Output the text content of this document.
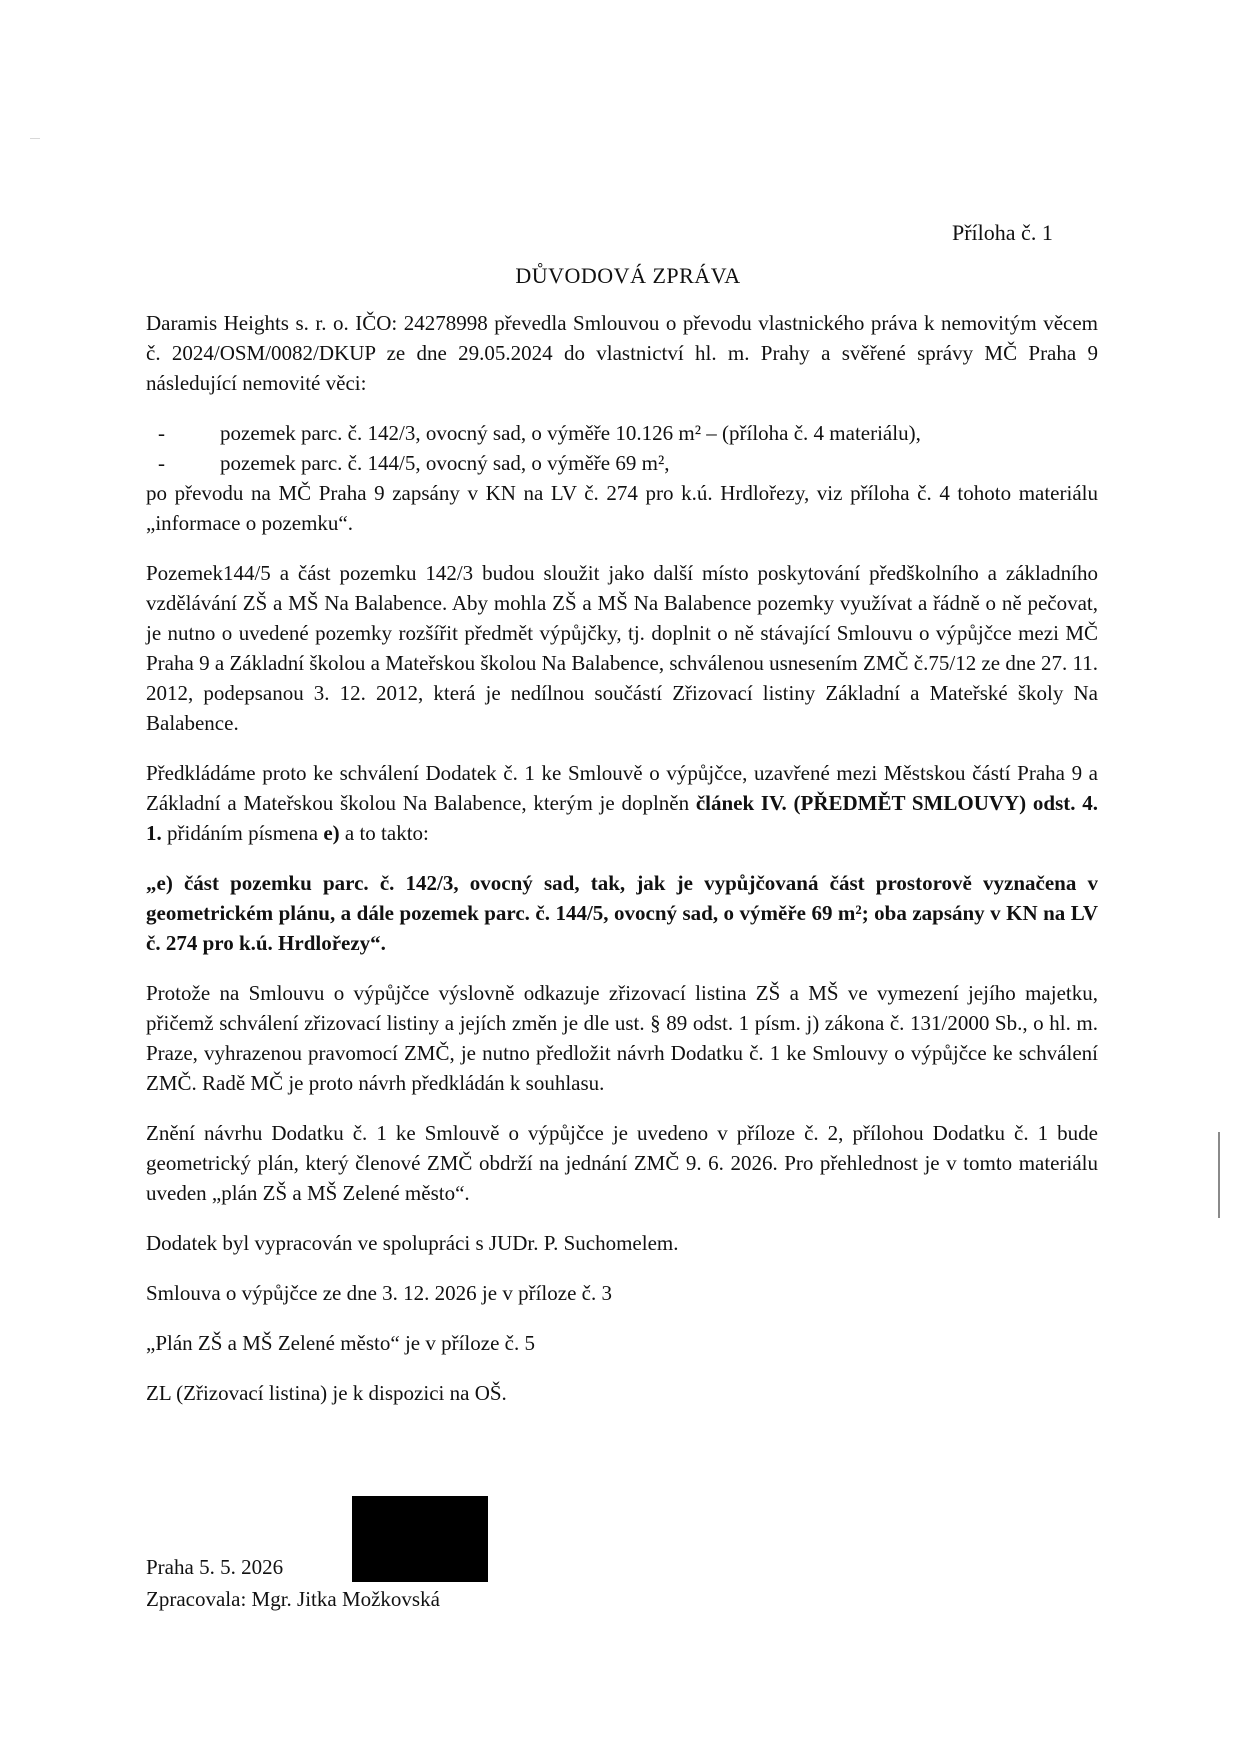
Příloha č. 1
DŮVODOVÁ ZPRÁVA

Daramis Heights s. r. o. IČO: 24278998 převedla Smlouvou o převodu vlastnického práva k nemovitým věcem č. 2024/OSM/0082/DKUP ze dne 29.05.2024 do vlastnictví hl. m. Prahy a svěřené správy MČ Praha 9 následující nemovité věci:

-	pozemek parc. č. 142/3, ovocný sad, o výměře 10.126 m² – (příloha č. 4 materiálu),
-	pozemek parc. č. 144/5, ovocný sad, o výměře 69 m²,

po převodu na MČ Praha 9 zapsány v KN na LV č. 274 pro k.ú. Hrdlořezy, viz příloha č. 4 tohoto materiálu „informace o pozemku“.

Pozemek144/5 a část pozemku 142/3 budou sloužit jako další místo poskytování předškolního a základního vzdělávání ZŠ a MŠ Na Balabence. Aby mohla ZŠ a MŠ Na Balabence pozemky využívat a řádně o ně pečovat, je nutno o uvedené pozemky rozšířit předmět výpůjčky, tj. doplnit o ně stávající Smlouvu o výpůjčce mezi MČ Praha 9 a Základní školou a Mateřskou školou Na Balabence, schválenou usnesením ZMČ č.75/12 ze dne 27. 11. 2012, podepsanou 3. 12. 2012, která je nedílnou součástí Zřizovací listiny Základní a Mateřské školy Na Balabence.

Předkládáme proto ke schválení Dodatek č. 1 ke Smlouvě o výpůjčce, uzavřené mezi Městskou částí Praha 9 a Základní a Mateřskou školou Na Balabence, kterým je doplněn článek IV. (PŘEDMĚT SMLOUVY) odst. 4. 1. přidáním písmena e) a to takto:

„e) část pozemku parc. č. 142/3, ovocný sad, tak, jak je vypůjčovaná část prostorově vyznačena v geometrickém plánu, a dále pozemek parc. č. 144/5, ovocný sad, o výměře 69 m²; oba zapsány v KN na LV č. 274 pro k.ú. Hrdlořezy“.

Protože na Smlouvu o výpůjčce výslovně odkazuje zřizovací listina ZŠ a MŠ ve vymezení jejího majetku, přičemž schválení zřizovací listiny a jejích změn je dle ust. § 89 odst. 1 písm. j) zákona č. 131/2000 Sb., o hl. m. Praze, vyhrazenou pravomocí ZMČ, je nutno předložit návrh Dodatku č. 1 ke Smlouvy o výpůjčce ke schválení ZMČ. Radě MČ je proto návrh předkládán k souhlasu.

Znění návrhu Dodatku č. 1 ke Smlouvě o výpůjčce je uvedeno v příloze č. 2, přílohou Dodatku č. 1 bude geometrický plán, který členové ZMČ obdrží na jednání ZMČ 9. 6. 2026. Pro přehlednost je v tomto materiálu uveden „plán ZŠ a MŠ Zelené město“.

Dodatek byl vypracován ve spolupráci s JUDr. P. Suchomelem.

Smlouva o výpůjčce ze dne 3. 12. 2026 je v příloze č. 3

„Plán ZŠ a MŠ Zelené město“ je v příloze č. 5

ZL (Zřizovací listina) je k dispozici na OŠ.

Praha 5. 5. 2026
Zpracovala: Mgr. Jitka Možkovská
